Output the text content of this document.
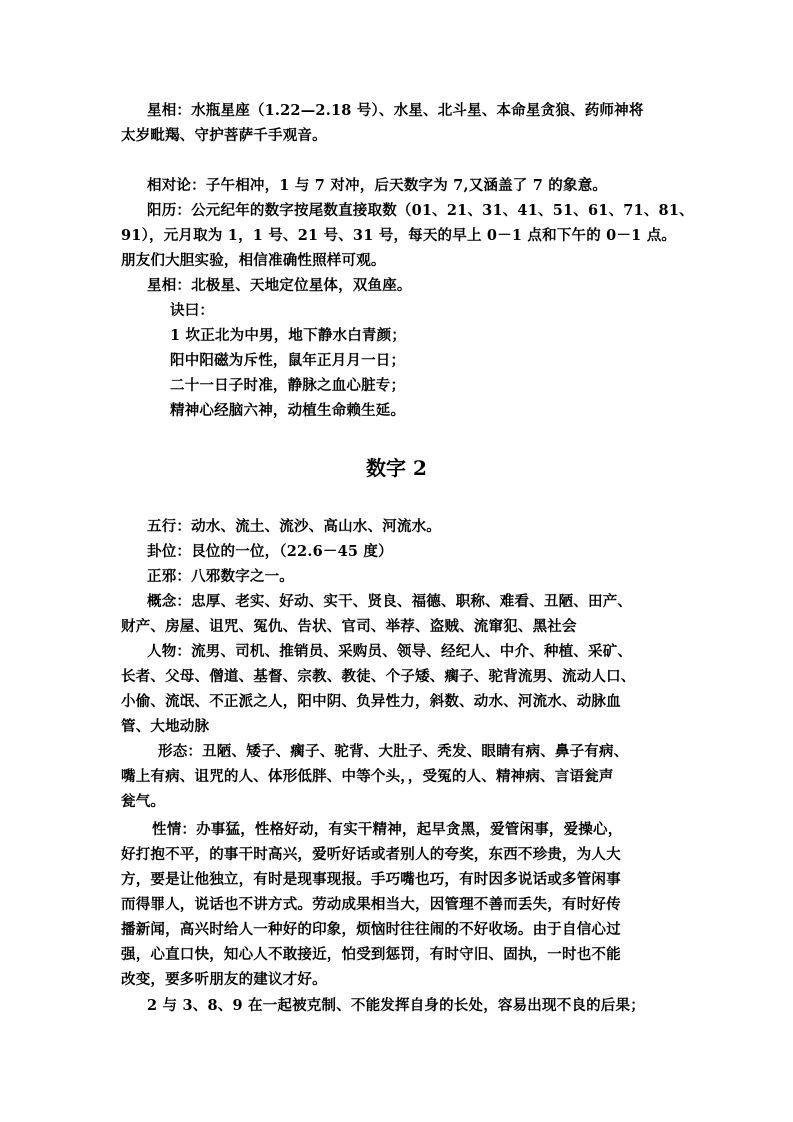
星相：水瓶星座（1.22—2.18 号）、水星、北斗星、本命星贪狼、药师神将
太岁毗羯、守护菩萨千手观音。
相对论：子午相冲，1 与 7 对冲，后天数字为 7,又涵盖了 7 的象意。
阳历：公元纪年的数字按尾数直接取数（01、21、31、41、51、61、71、81、
91），元月取为 1，1 号、21 号、31 号，每天的早上 0－1 点和下午的 0－1 点。
朋友们大胆实验，相信准确性照样可观。
星相：北极星、天地定位星体，双鱼座。
诀曰：
1 坎正北为中男，地下静水白青颜；
阳中阳磁为斥性，鼠年正月月一日；
二十一日子时准，静脉之血心脏专；
精神心经脑六神，动植生命赖生延。
数字 2
五行：动水、流土、流沙、高山水、河流水。
卦位：艮位的一位，（22.6－45 度）
正邪：八邪数字之一。
概念：忠厚、老实、好动、实干、贤良、福德、职称、难看、丑陋、田产、
财产、房屋、诅咒、冤仇、告状、官司、举荐、盗贼、流窜犯、黑社会
人物：流男、司机、推销员、采购员、领导、经纪人、中介、种植、采矿、
长者、父母、僧道、基督、宗教、教徒、个子矮、瘸子、驼背流男、流动人口、
小偷、流氓、不正派之人，阳中阴、负异性力，斜数、动水、河流水、动脉血
管、大地动脉
形态：丑陋、矮子、瘸子、驼背、大肚子、秃发、眼睛有病、鼻子有病、
嘴上有病、诅咒的人、体形低胖、中等个头，，受冤的人、精神病、言语瓮声
瓮气。
性情：办事猛，性格好动，有实干精神，起早贪黑，爱管闲事，爱操心，
好打抱不平，的事干时高兴，爱听好话或者别人的夸奖，东西不珍贵，为人大
方，要是让他独立，有时是现事现报。手巧嘴也巧，有时因多说话或多管闲事
而得罪人，说话也不讲方式。劳动成果相当大，因管理不善而丢失，有时好传
播新闻，高兴时给人一种好的印象，烦恼时往往闹的不好收场。由于自信心过
强，心直口快，知心人不敢接近，怕受到惩罚，有时守旧、固执，一时也不能
改变，要多听朋友的建议才好。
2 与 3、8、9 在一起被克制、不能发挥自身的长处，容易出现不良的后果；
